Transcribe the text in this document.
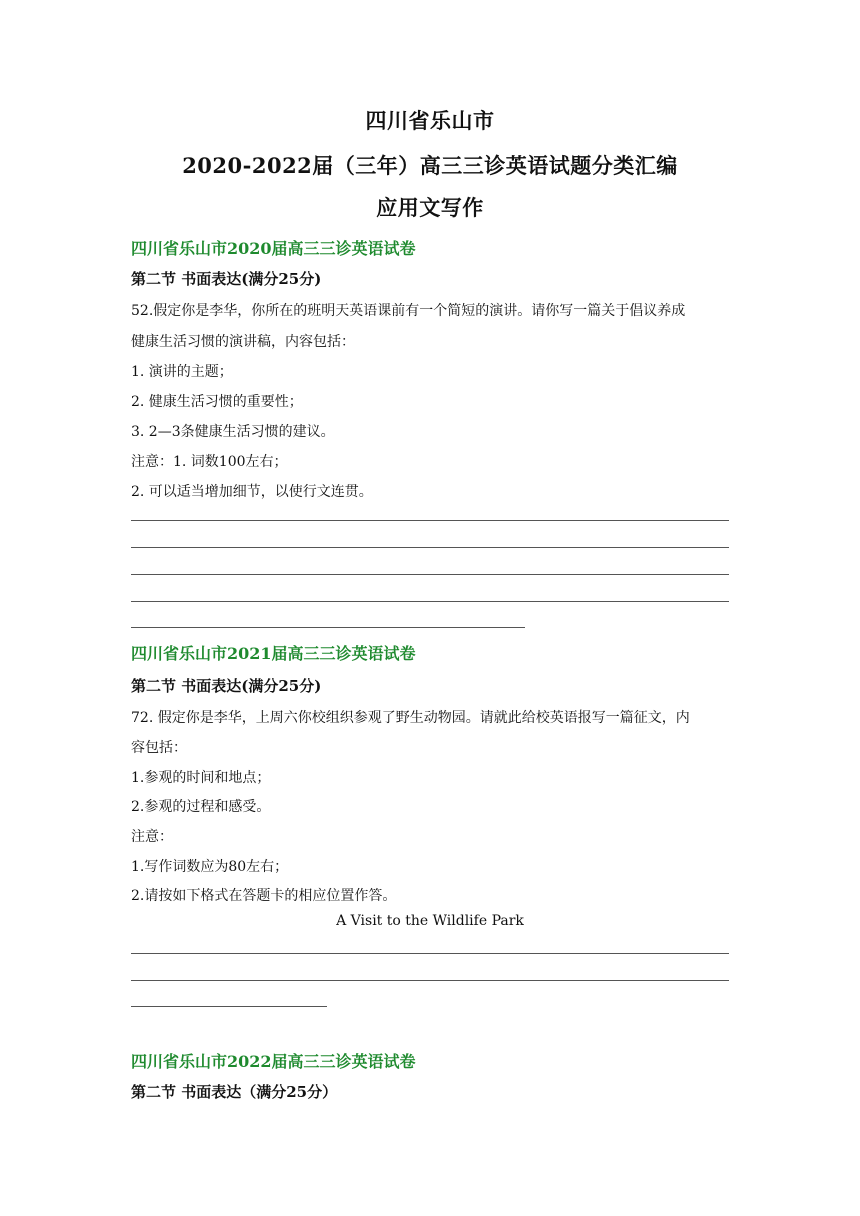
四川省乐山市
2020-2022届（三年）高三三诊英语试题分类汇编
应用文写作
四川省乐山市2020届高三三诊英语试卷
第二节 书面表达(满分25分)
52.假定你是李华，你所在的班明天英语课前有一个简短的演讲。请你写一篇关于倡议养成
健康生活习惯的演讲稿，内容包括：
1. 演讲的主题；
2. 健康生活习惯的重要性；
3. 2—3条健康生活习惯的建议。
注意：1. 词数100左右；
2. 可以适当增加细节，以使行文连贯。
四川省乐山市2021届高三三诊英语试卷
第二节 书面表达(满分25分)
72. 假定你是李华，上周六你校组织参观了野生动物园。请就此给校英语报写一篇征文，内
容包括：
1.参观的时间和地点；
2.参观的过程和感受。
注意：
1.写作词数应为80左右；
2.请按如下格式在答题卡的相应位置作答。
A Visit to the Wildlife Park
四川省乐山市2022届高三三诊英语试卷
第二节 书面表达（满分25分）
